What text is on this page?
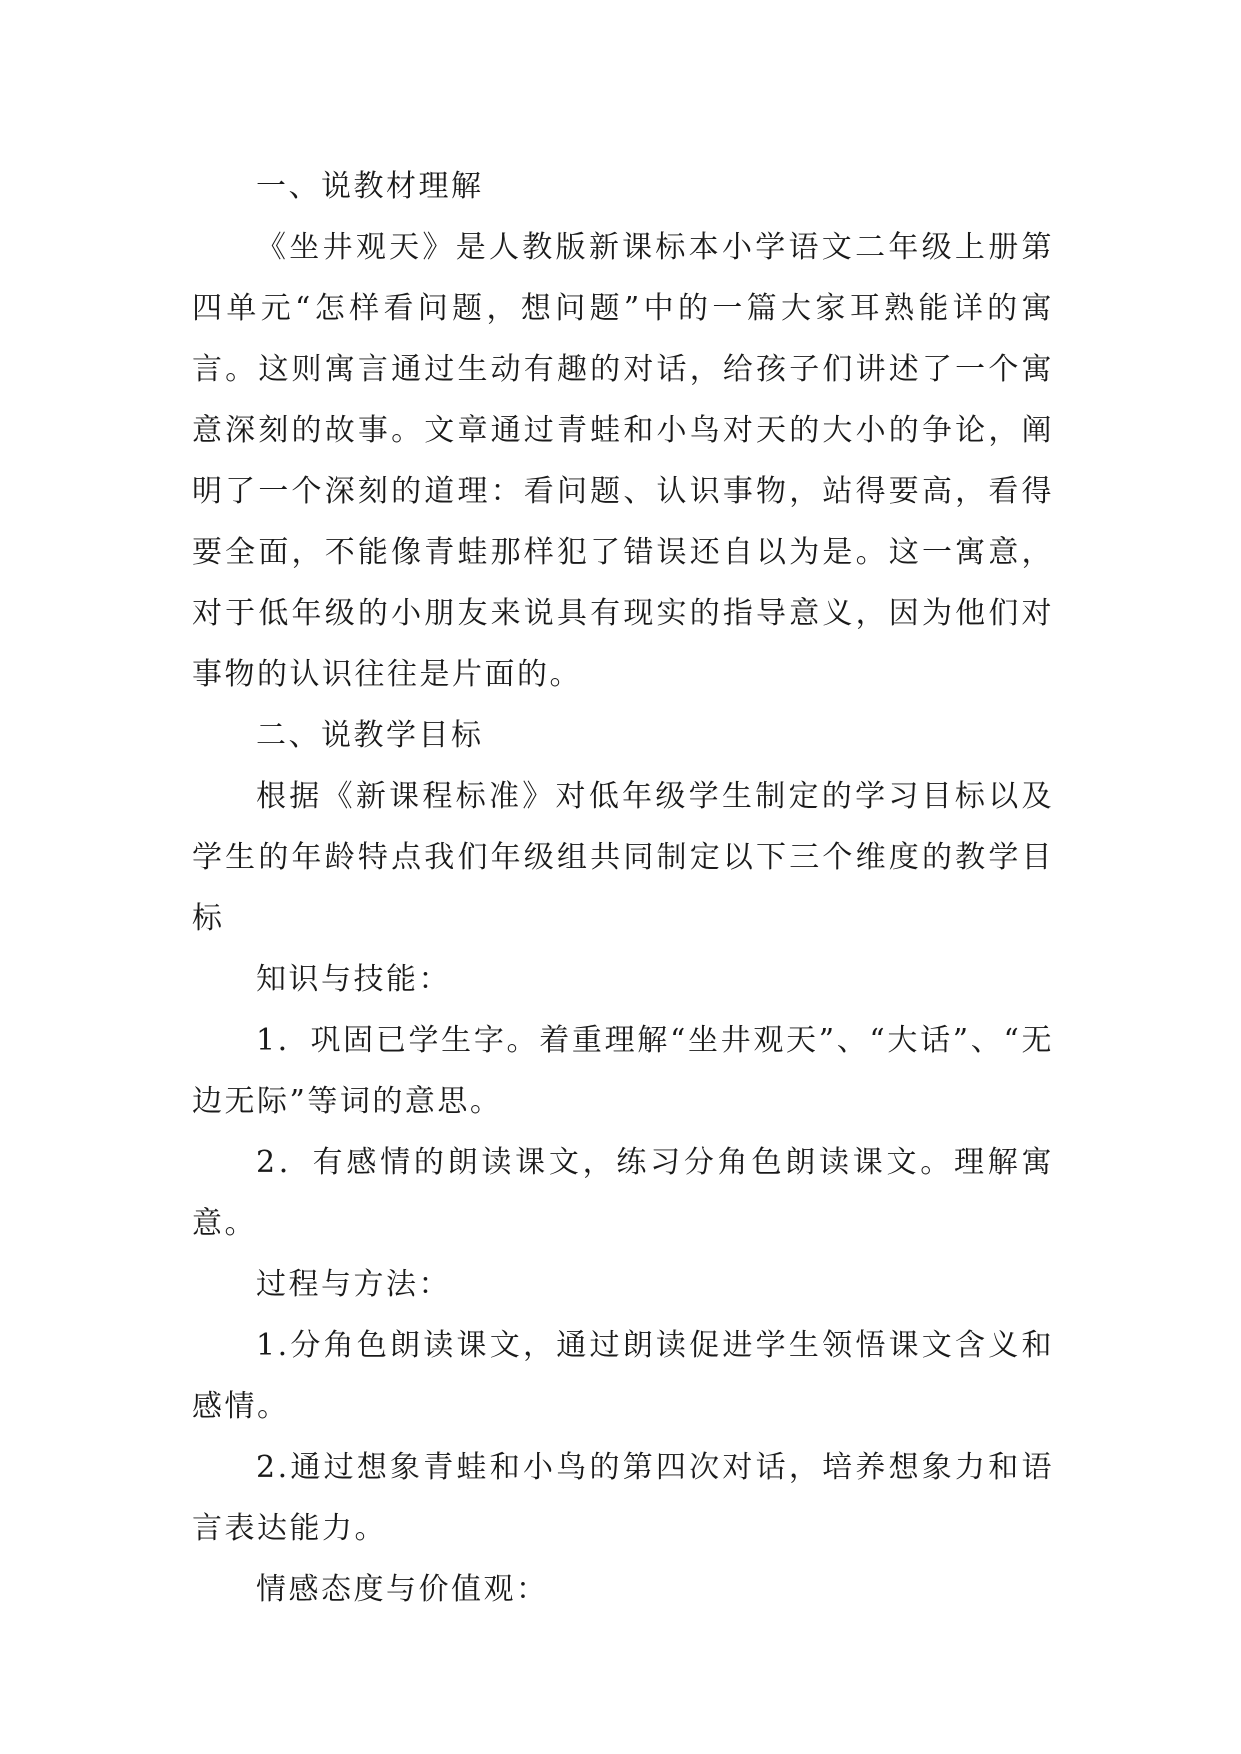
一、说教材理解

《坐井观天》是人教版新课标本小学语文二年级上册第四单元“怎样看问题，想问题”中的一篇大家耳熟能详的寓言。这则寓言通过生动有趣的对话，给孩子们讲述了一个寓意深刻的故事。文章通过青蛙和小鸟对天的大小的争论，阐明了一个深刻的道理：看问题、认识事物，站得要高，看得要全面，不能像青蛙那样犯了错误还自以为是。这一寓意，对于低年级的小朋友来说具有现实的指导意义，因为他们对事物的认识往往是片面的。

二、说教学目标

根据《新课程标准》对低年级学生制定的学习目标以及学生的年龄特点我们年级组共同制定以下三个维度的教学目标

知识与技能：

1．巩固已学生字。着重理解“坐井观天”、“大话”、“无边无际”等词的意思。

2．有感情的朗读课文，练习分角色朗读课文。理解寓意。

过程与方法：

1.分角色朗读课文，通过朗读促进学生领悟课文含义和感情。

2.通过想象青蛙和小鸟的第四次对话，培养想象力和语言表达能力。

情感态度与价值观：
